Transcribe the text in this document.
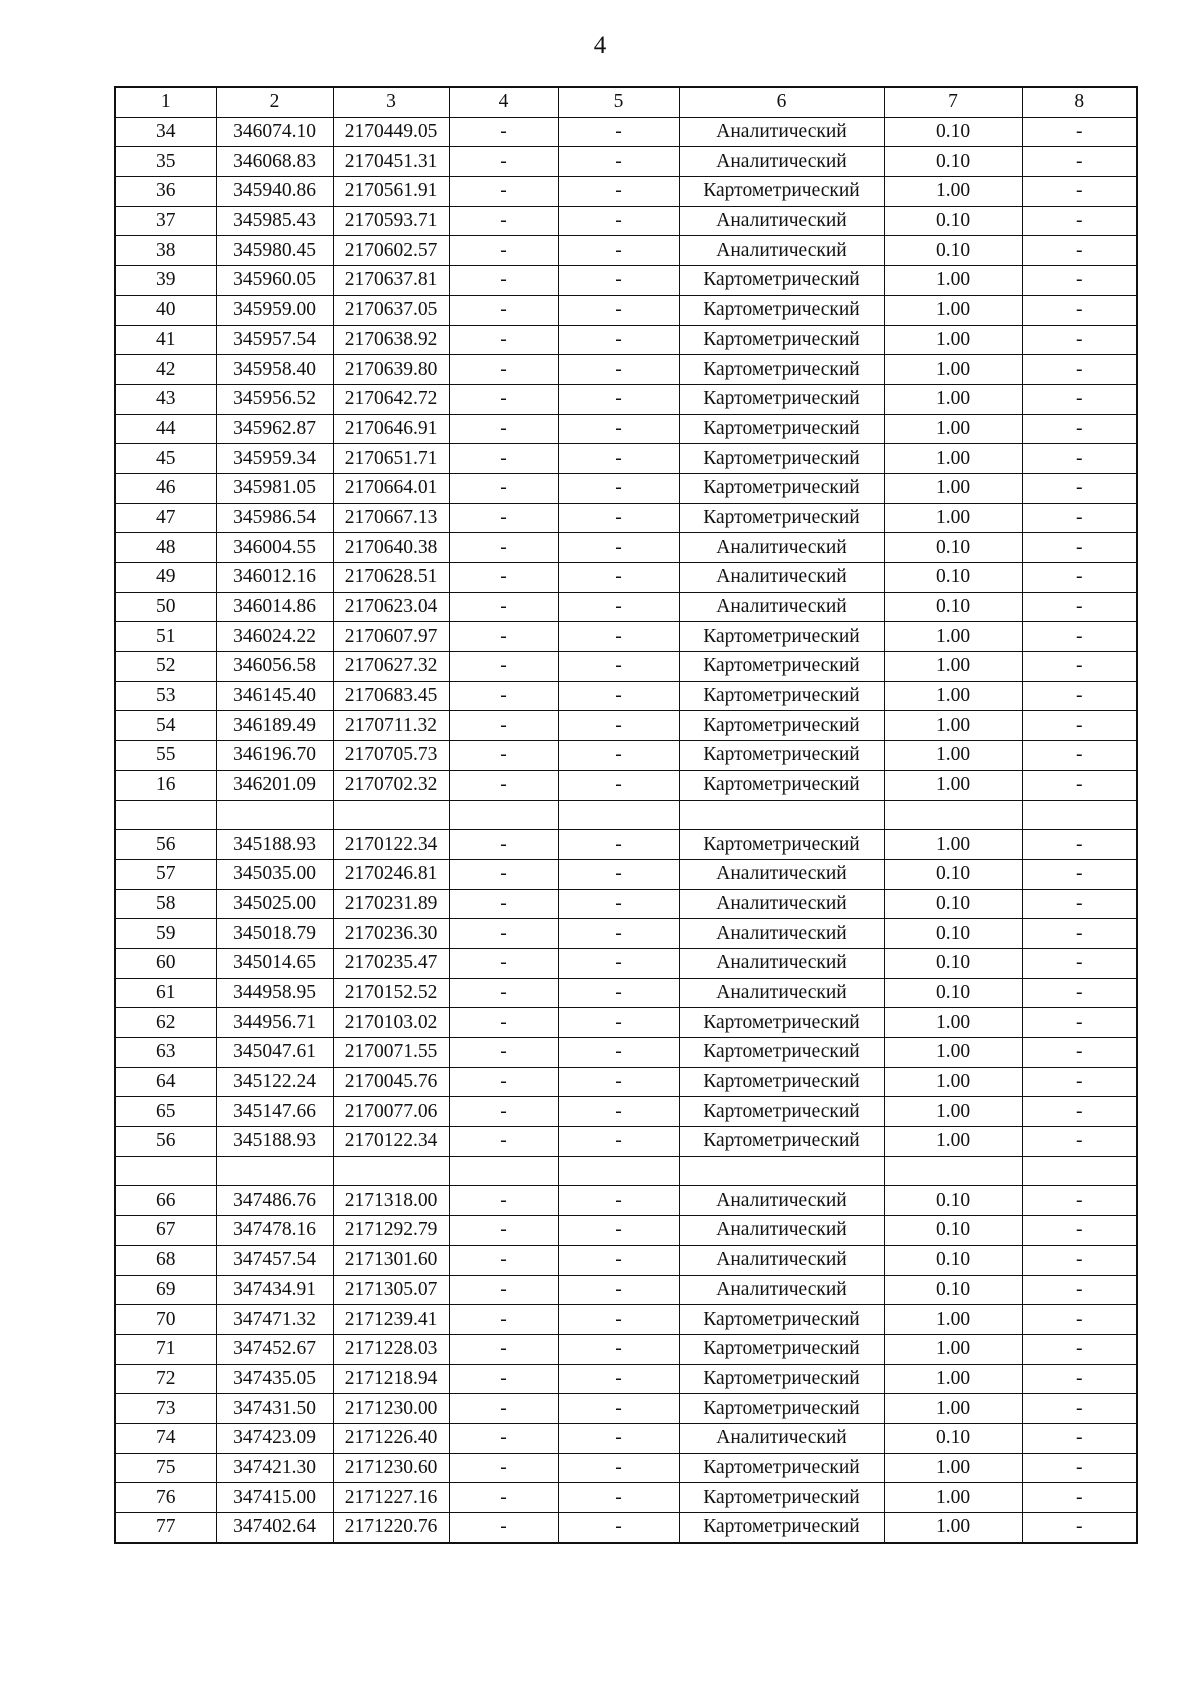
4
1	2	3	4	5	6	7	8
34	346074.10	2170449.05	-	-	Аналитический	0.10	-
35	346068.83	2170451.31	-	-	Аналитический	0.10	-
36	345940.86	2170561.91	-	-	Картометрический	1.00	-
37	345985.43	2170593.71	-	-	Аналитический	0.10	-
38	345980.45	2170602.57	-	-	Аналитический	0.10	-
39	345960.05	2170637.81	-	-	Картометрический	1.00	-
40	345959.00	2170637.05	-	-	Картометрический	1.00	-
41	345957.54	2170638.92	-	-	Картометрический	1.00	-
42	345958.40	2170639.80	-	-	Картометрический	1.00	-
43	345956.52	2170642.72	-	-	Картометрический	1.00	-
44	345962.87	2170646.91	-	-	Картометрический	1.00	-
45	345959.34	2170651.71	-	-	Картометрический	1.00	-
46	345981.05	2170664.01	-	-	Картометрический	1.00	-
47	345986.54	2170667.13	-	-	Картометрический	1.00	-
48	346004.55	2170640.38	-	-	Аналитический	0.10	-
49	346012.16	2170628.51	-	-	Аналитический	0.10	-
50	346014.86	2170623.04	-	-	Аналитический	0.10	-
51	346024.22	2170607.97	-	-	Картометрический	1.00	-
52	346056.58	2170627.32	-	-	Картометрический	1.00	-
53	346145.40	2170683.45	-	-	Картометрический	1.00	-
54	346189.49	2170711.32	-	-	Картометрический	1.00	-
55	346196.70	2170705.73	-	-	Картометрический	1.00	-
16	346201.09	2170702.32	-	-	Картометрический	1.00	-

56	345188.93	2170122.34	-	-	Картометрический	1.00	-
57	345035.00	2170246.81	-	-	Аналитический	0.10	-
58	345025.00	2170231.89	-	-	Аналитический	0.10	-
59	345018.79	2170236.30	-	-	Аналитический	0.10	-
60	345014.65	2170235.47	-	-	Аналитический	0.10	-
61	344958.95	2170152.52	-	-	Аналитический	0.10	-
62	344956.71	2170103.02	-	-	Картометрический	1.00	-
63	345047.61	2170071.55	-	-	Картометрический	1.00	-
64	345122.24	2170045.76	-	-	Картометрический	1.00	-
65	345147.66	2170077.06	-	-	Картометрический	1.00	-
56	345188.93	2170122.34	-	-	Картометрический	1.00	-

66	347486.76	2171318.00	-	-	Аналитический	0.10	-
67	347478.16	2171292.79	-	-	Аналитический	0.10	-
68	347457.54	2171301.60	-	-	Аналитический	0.10	-
69	347434.91	2171305.07	-	-	Аналитический	0.10	-
70	347471.32	2171239.41	-	-	Картометрический	1.00	-
71	347452.67	2171228.03	-	-	Картометрический	1.00	-
72	347435.05	2171218.94	-	-	Картометрический	1.00	-
73	347431.50	2171230.00	-	-	Картометрический	1.00	-
74	347423.09	2171226.40	-	-	Аналитический	0.10	-
75	347421.30	2171230.60	-	-	Картометрический	1.00	-
76	347415.00	2171227.16	-	-	Картометрический	1.00	-
77	347402.64	2171220.76	-	-	Картометрический	1.00	-
